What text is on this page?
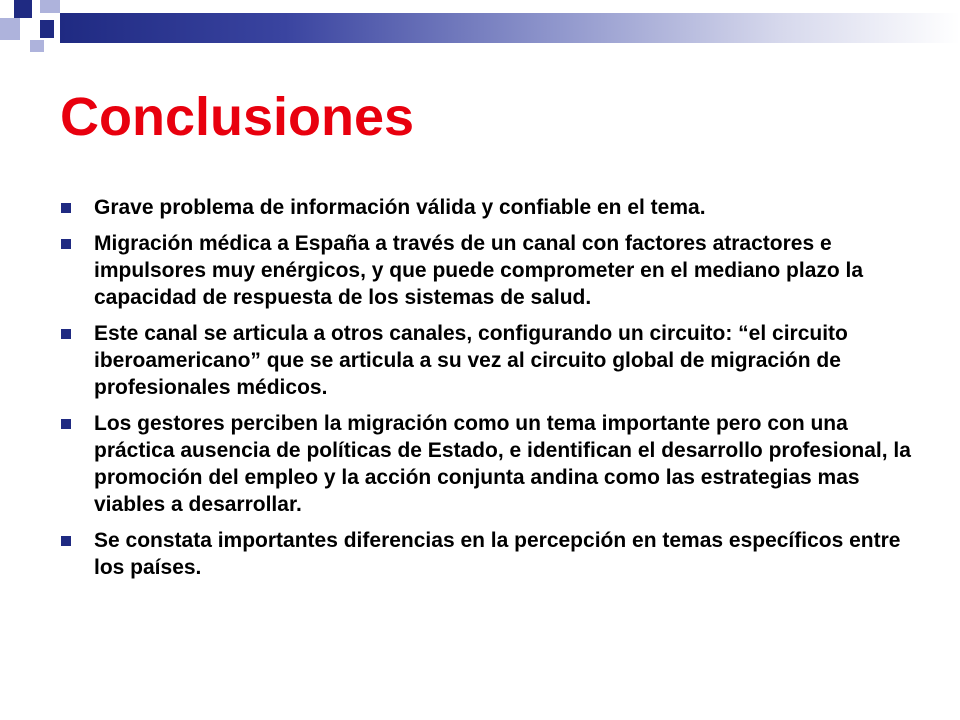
Conclusiones
Grave problema de información válida y confiable en el tema.
Migración médica a España a través de un canal con factores atractores e impulsores muy enérgicos, y que puede comprometer en el mediano plazo la capacidad de respuesta de los sistemas de salud.
Este canal se articula a otros canales, configurando un circuito: “el circuito iberoamericano” que se articula a su vez al circuito global de migración de profesionales médicos.
Los gestores perciben la migración como un tema importante pero con una práctica ausencia de políticas de Estado, e identifican el desarrollo profesional, la promoción del empleo y la acción conjunta andina como las estrategias mas viables a desarrollar.
Se constata importantes diferencias en la percepción en temas específicos entre los países.
